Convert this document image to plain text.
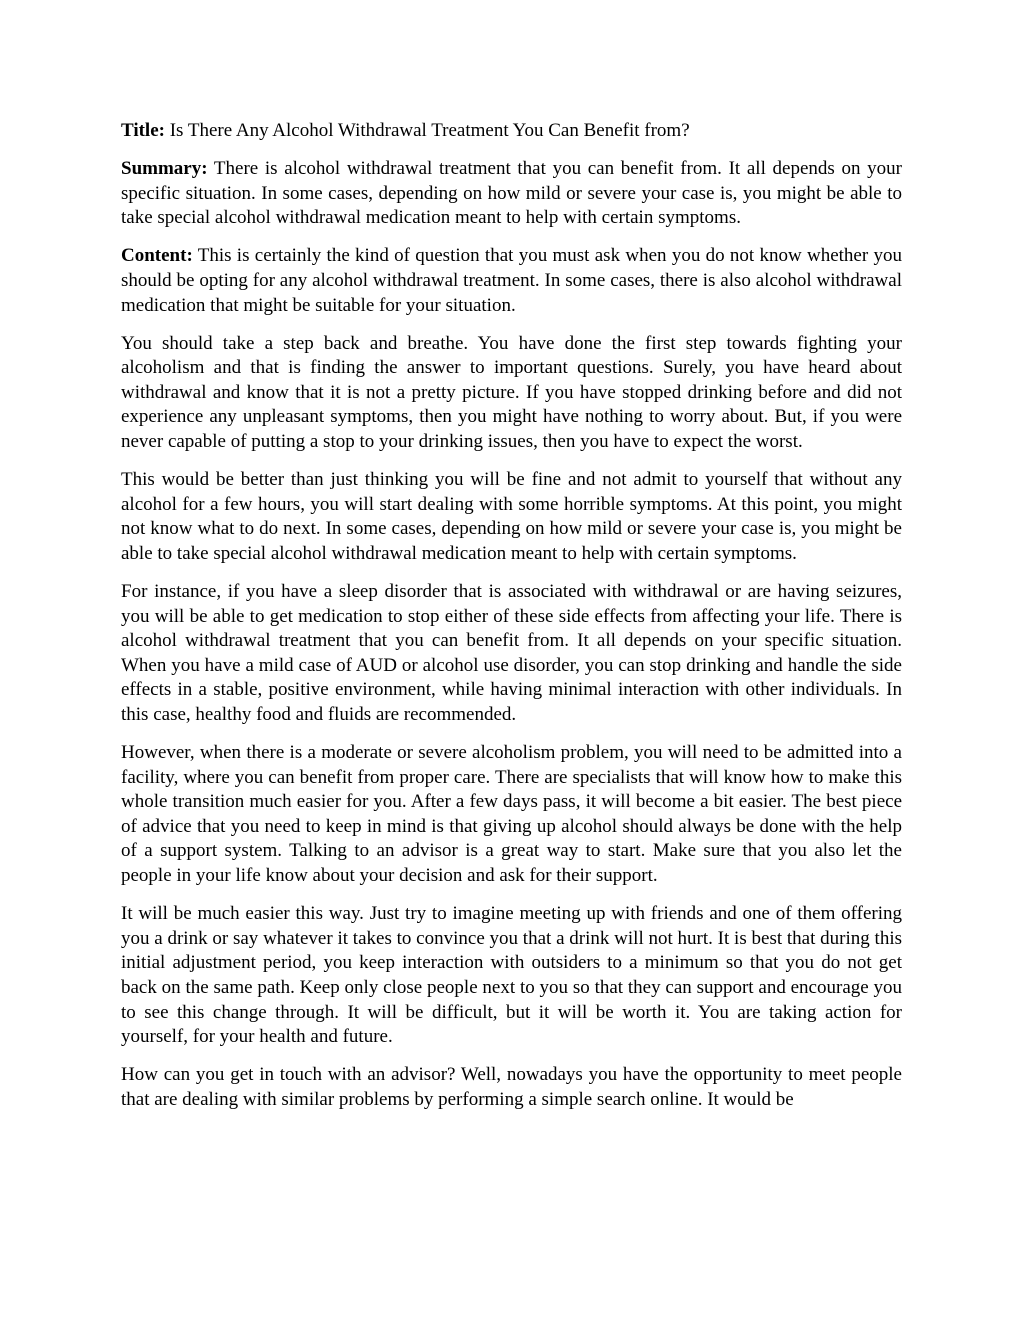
Title: Is There Any Alcohol Withdrawal Treatment You Can Benefit from?

Summary: There is alcohol withdrawal treatment that you can benefit from. It all depends on your specific situation. In some cases, depending on how mild or severe your case is, you might be able to take special alcohol withdrawal medication meant to help with certain symptoms.

Content: This is certainly the kind of question that you must ask when you do not know whether you should be opting for any alcohol withdrawal treatment. In some cases, there is also alcohol withdrawal medication that might be suitable for your situation.

You should take a step back and breathe. You have done the first step towards fighting your alcoholism and that is finding the answer to important questions. Surely, you have heard about withdrawal and know that it is not a pretty picture. If you have stopped drinking before and did not experience any unpleasant symptoms, then you might have nothing to worry about. But, if you were never capable of putting a stop to your drinking issues, then you have to expect the worst.

This would be better than just thinking you will be fine and not admit to yourself that without any alcohol for a few hours, you will start dealing with some horrible symptoms. At this point, you might not know what to do next. In some cases, depending on how mild or severe your case is, you might be able to take special alcohol withdrawal medication meant to help with certain symptoms.

For instance, if you have a sleep disorder that is associated with withdrawal or are having seizures, you will be able to get medication to stop either of these side effects from affecting your life. There is alcohol withdrawal treatment that you can benefit from. It all depends on your specific situation. When you have a mild case of AUD or alcohol use disorder, you can stop drinking and handle the side effects in a stable, positive environment, while having minimal interaction with other individuals. In this case, healthy food and fluids are recommended.

However, when there is a moderate or severe alcoholism problem, you will need to be admitted into a facility, where you can benefit from proper care. There are specialists that will know how to make this whole transition much easier for you. After a few days pass, it will become a bit easier. The best piece of advice that you need to keep in mind is that giving up alcohol should always be done with the help of a support system. Talking to an advisor is a great way to start. Make sure that you also let the people in your life know about your decision and ask for their support.

It will be much easier this way. Just try to imagine meeting up with friends and one of them offering you a drink or say whatever it takes to convince you that a drink will not hurt. It is best that during this initial adjustment period, you keep interaction with outsiders to a minimum so that you do not get back on the same path. Keep only close people next to you so that they can support and encourage you to see this change through. It will be difficult, but it will be worth it. You are taking action for yourself, for your health and future.

How can you get in touch with an advisor? Well, nowadays you have the opportunity to meet people that are dealing with similar problems by performing a simple search online. It would be
